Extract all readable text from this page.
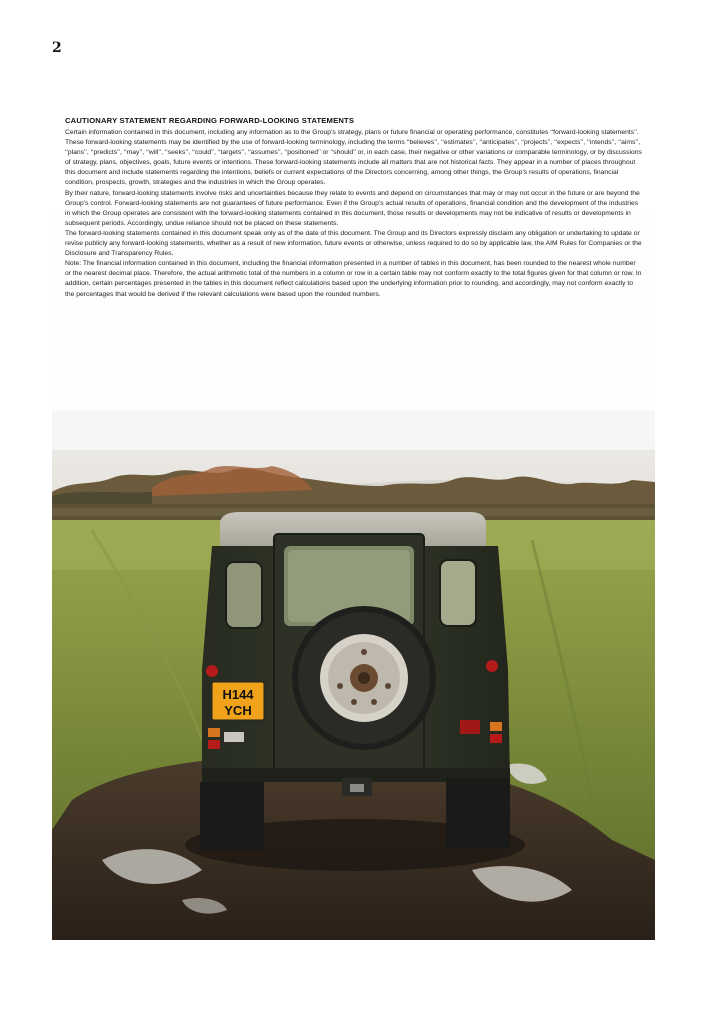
2
H144
YCH

CAUTIONARY STATEMENT REGARDING FORWARD-LOOKING STATEMENTS

Certain information contained in this document, including any information as to the Group’s strategy, plans or future financial or operating performance, constitutes ‘‘forward-looking statements’’. These forward-looking statements may be identified by the use of forward-looking terminology, including the terms ‘‘believes’’, ‘‘estimates’’, ‘‘anticipates’’, ‘‘projects’’, ‘‘expects’’, ‘‘intends’’, ‘‘aims’’, ‘‘plans’’, ‘‘predicts’’, ‘‘may’’, ‘‘will’’, ‘‘seeks’’, ‘‘could’’, ‘‘targets’’, ‘‘assumes’’, ‘‘positioned’’ or ‘‘should’’ or, in each case, their negative or other variations or comparable terminology, or by discussions of strategy, plans, objectives, goals, future events or intentions. These forward-looking statements include all matters that are not historical facts. They appear in a number of places throughout this document and include statements regarding the intentions, beliefs or current expectations of the Directors concerning, among other things, the Group’s results of operations, financial condition, prospects, growth, strategies and the industries in which the Group operates.

By their nature, forward-looking statements involve risks and uncertainties because they relate to events and depend on circumstances that may or may not occur in the future or are beyond the Group’s control. Forward-looking statements are not guarantees of future performance. Even if the Group’s actual results of operations, financial condition and the development of the industries in which the Group operates are consistent with the forward-looking statements contained in this document, those results or developments may not be indicative of results or developments in subsequent periods. Accordingly, undue reliance should not be placed on these statements.

The forward-looking statements contained in this document speak only as of the date of this document. The Group and its Directors expressly disclaim any obligation or undertaking to update or revise publicly any forward-looking statements, whether as a result of new information, future events or otherwise, unless required to do so by applicable law, the AIM Rules for Companies or the Disclosure and Transparency Rules.

Note: The financial information contained in this document, including the financial information presented in a number of tables in this document, has been rounded to the nearest whole number or the nearest decimal place. Therefore, the actual arithmetic total of the numbers in a column or row in a certain table may not conform exactly to the total figures given for that column or row. In addition, certain percentages presented in the tables in this document reflect calculations based upon the underlying information prior to rounding, and accordingly, may not conform exactly to the percentages that would be derived if the relevant calculations were based upon the rounded numbers.
